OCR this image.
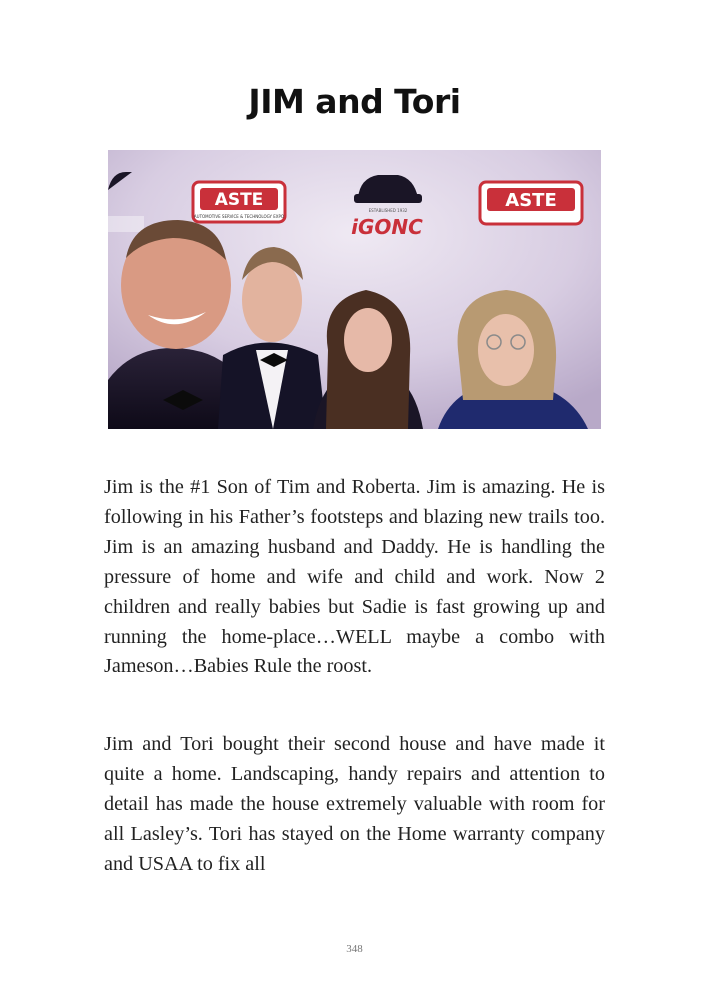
JIM and Tori
ASTE
AUTOMOTIVE SERVICE & TECHNOLOGY EXPO
ESTABLISHED 1932
iGONC
ASTE

Jim is the #1 Son of Tim and Roberta. Jim is amazing. He is following in his Father’s footsteps and blazing new trails too. Jim is an amazing husband and Daddy. He is handling the pressure of home and wife and child and work. Now 2 children and really babies but Sadie is fast growing up and running the home-place…WELL maybe a combo with Jameson…Babies Rule the roost.

Jim and Tori bought their second house and have made it quite a home. Landscaping, handy repairs and attention to detail has made the house extremely valuable with room for all Lasley’s. Tori has stayed on the Home warranty company and USAA to fix all

348
